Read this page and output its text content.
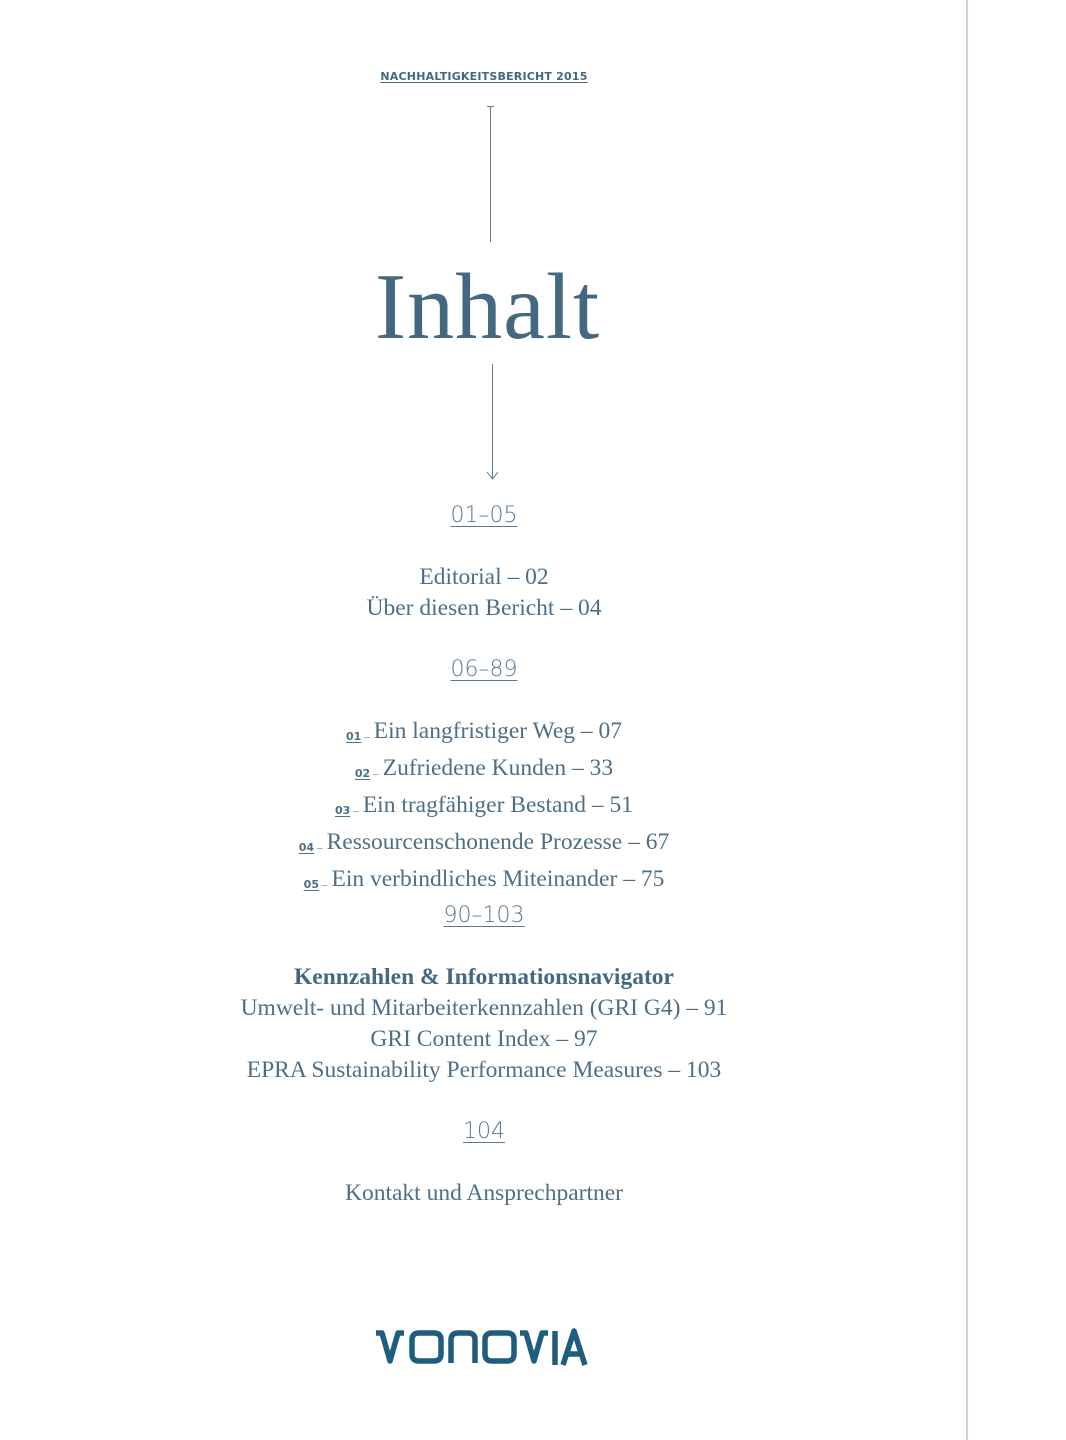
NACHHALTIGKEITSBERICHT 2015
Inhalt
01–05
Editorial – 02
Über diesen Bericht – 04
06–89
01 – Ein langfristiger Weg – 07
02 – Zufriedene Kunden – 33
03 – Ein tragfähiger Bestand – 51
04 – Ressourcenschonende Prozesse – 67
05 – Ein verbindliches Miteinander – 75
90–103
Kennzahlen & Informationsnavigator
Umwelt- und Mitarbeiterkennzahlen (GRI G4) – 91
GRI Content Index – 97
EPRA Sustainability Performance Measures – 103
104
Kontakt und Ansprechpartner
